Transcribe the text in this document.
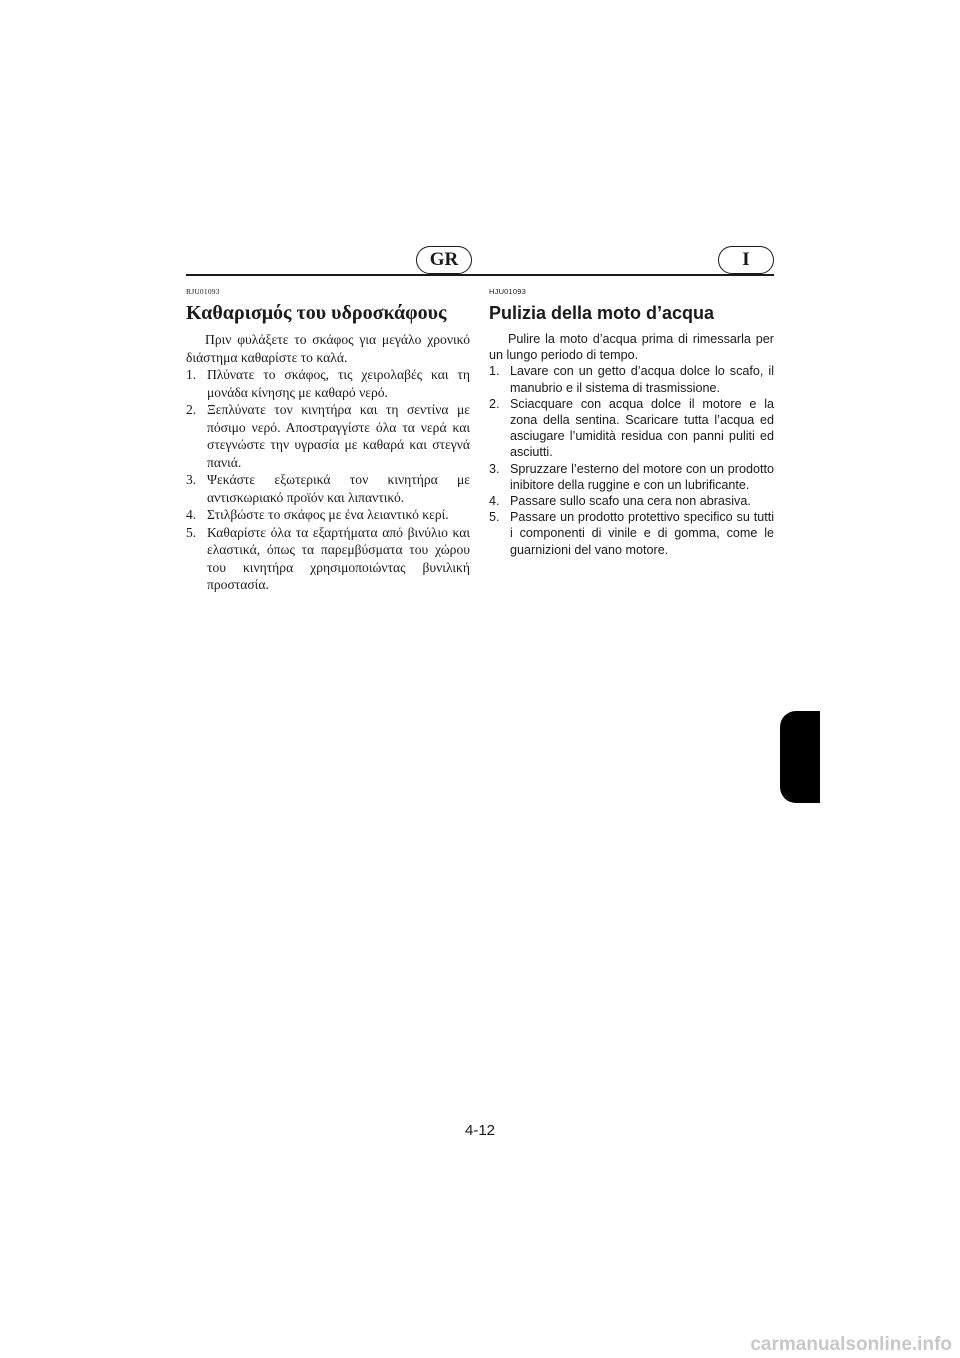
GR	I

RJU01093

Καθαρισμός του υδροσκάφους

Πριν φυλάξετε το σκάφος για μεγάλο χρονικό διάστημα καθαρίστε το καλά.

1. Πλύνατε το σκάφος, τις χειρολαβές και τη μονάδα κίνησης με καθαρό νερό.
2. Ξεπλύνατε τον κινητήρα και τη σεντίνα με πόσιμο νερό. Αποστραγγίστε όλα τα νερά και στεγνώστε την υγρασία με καθαρά και στεγνά πανιά.
3. Ψεκάστε εξωτερικά τον κινητήρα με αντισκωριακό προϊόν και λιπαντικό.
4. Στιλβώστε το σκάφος με ένα λειαντικό κερί.
5. Καθαρίστε όλα τα εξαρτήματα από βινύλιο και ελαστικά, όπως τα παρεμβύσματα του χώρου του κινητήρα χρησιμοποιώντας βυνιλική προστασία.

HJU01093

Pulizia della moto d’acqua

Pulire la moto d’acqua prima di rimessarla per un lungo periodo di tempo.

1. Lavare con un getto d’acqua dolce lo scafo, il manubrio e il sistema di trasmissione.
2. Sciacquare con acqua dolce il motore e la zona della sentina. Scaricare tutta l’acqua ed asciugare l’umidità residua con panni puliti ed asciutti.
3. Spruzzare l’esterno del motore con un prodotto inibitore della ruggine e con un lubrificante.
4. Passare sullo scafo una cera non abrasiva.
5. Passare un prodotto protettivo specifico su tutti i componenti di vinile e di gomma, come le guarnizioni del vano motore.
4-12
carmanualsonline.info
